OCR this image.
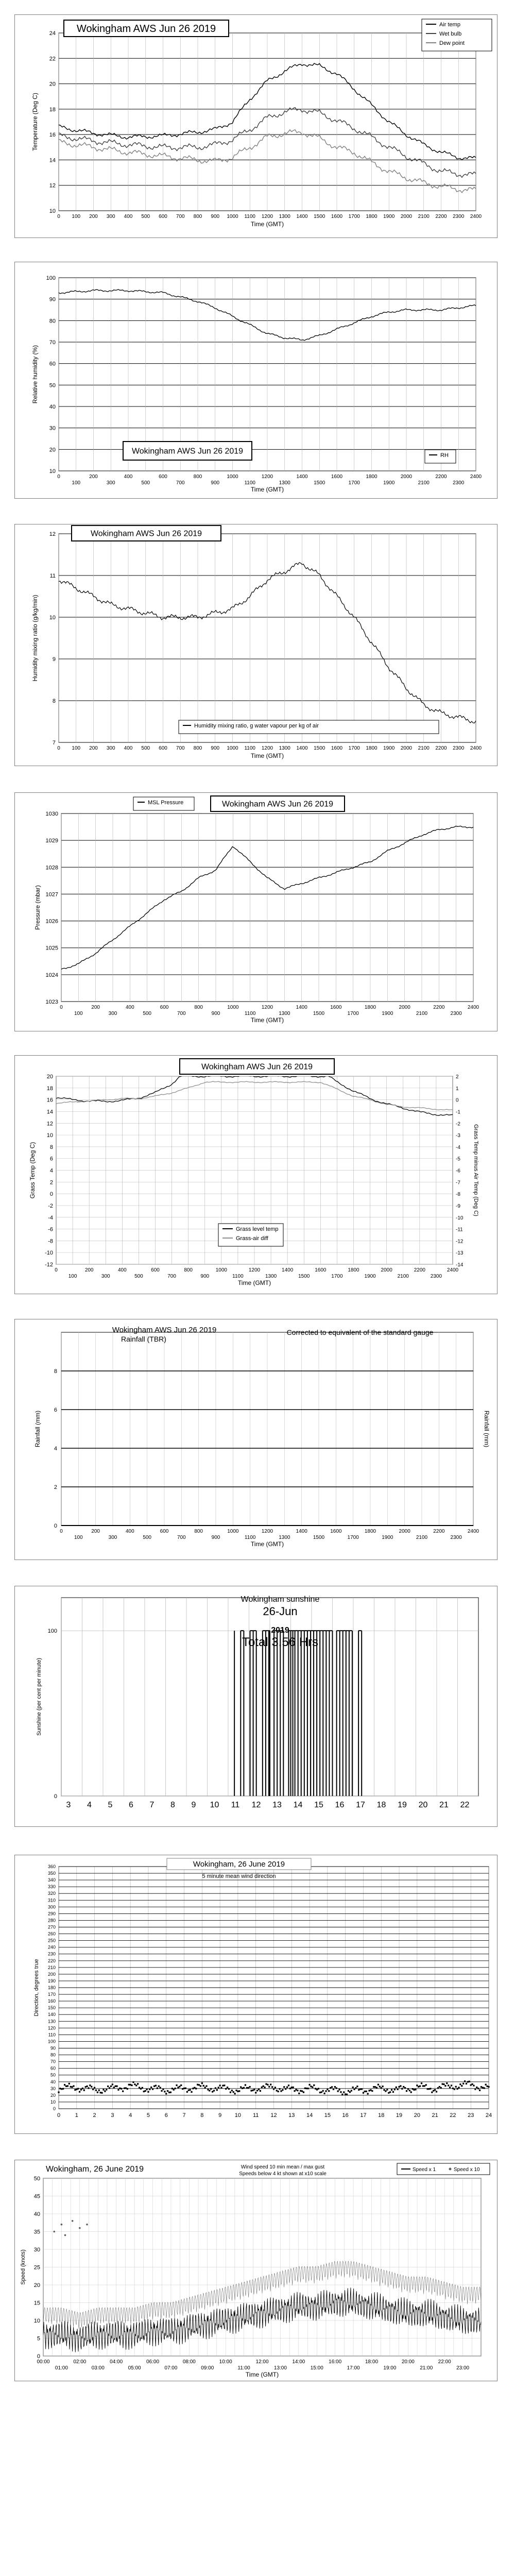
10
12
14
16
18
20
22
24
0 100 200 300 400 500 600 700 800 900 1000 1100 1200 1300 1400 1500 1600 1700 1800 1900 2000 2100 2200 2300 2400
Time (GMT)
Temperature (Deg C)
Wokingham AWS Jun 26 2019	Air temp
Wet bulb
Dew point
10
20
30
40
50
60
70
80
90
100
0
100
200
300
400
500
600
700
800
900
1000
1100
1200
1300
1400
1500
1600
1700
1800
1900
2000
2100
2200
2300
2400
Time (GMT)
Relative humidity (%)
Wokingham AWS Jun 26 2019	RH
7
8
9
10
11
12
0 100 200 300 400 500 600 700 800 900 1000 1100 1200 1300 1400 1500 1600 1700 1800 1900 2000 2100 2200 2300 2400
Time (GMT)
Humidity mixing ratio (g/kg/min)
Wokingham AWS Jun 26 2019
Humidity mixing ratio, g water vapour per kg of air
1023
1024
1025
1026
1027
1028
1029
1030
0
100
200
300
400
500
600
700
800
900
1000
1100
1200
1300
1400
1500
1600
1700
1800
1900
2000
2100
2200
2300
2400
Time (GMT)
Pressure (mbar)
MSL Pressure	Wokingham AWS Jun 26 2019
-12
-10
-8
-6
-4
-2
0
2
4
6
8
10
12
14
16
18
20
0
100
200
300
400
500
600
700
800
900
1000
1100
1200
1300
1400
1500
1600
1700
1800
1900
2000
2100
2200
2300
2400
Time (GMT)
Grass Temp (Deg C)
-14
-13
-12
-11
-10
-9
-8
-7
-6
-5
-4
-3
-2
-1
0
1
2
Grass Temp minus Air Temp (Deg C)
Wokingham AWS Jun 26 2019
Grass level temp
Grass-air diff
0
100
200
300
400
500
600
700
800
900
1000
1100
1200
1300
1400
1500
1600
1700
1800
1900
2000
2100
2200
2300
2400
0
2
4
6
8
Time (GMT)
Rainfall (mm)	Rainfall (mm)
Wokingham AWS Jun 26 2019
Rainfall (TBR)
Corrected to equivalent of the standard gauge
3 4 5 6 7 8 9 10 11 12 13 14 15 16 17 18 19 20 21 22
0
100
Sunshine (per cent per minute)
Wokingham sunshine
26-Jun
2019
Total 3.56 Hrs
0	1	2	3	4	5	6	7	8	9 10 11 12 13 14 15 16 17 18 19 20 21 22 23 24
0
10
20
30
40
50
60
70
80
90
100
110
120
130
140
150
160
170
180
190
200
210
220
230
240
250
260
270
280
290
300
310
320
330
340
350
360
Direction, degrees true
Wokingham, 26 June 2019
5 minute mean wind direction
0
5
10
15
20
25
30
35
40
45
50
00:00	02:00	04:00	06:00	08:00	10:00	12:00	14:00	16:00	18:00	20:00	22:00
01:00	03:00	05:00	07:00	09:00	11:00	13:00	15:00	17:00	19:00	21:00	23:00
Time (GMT)
Speed (knots)
Wokingham, 26 June 2019	Wind speed 10 min mean / max gust
Speeds below 4 kt shown at x10 scale
Speed x 1	Speed x 10
